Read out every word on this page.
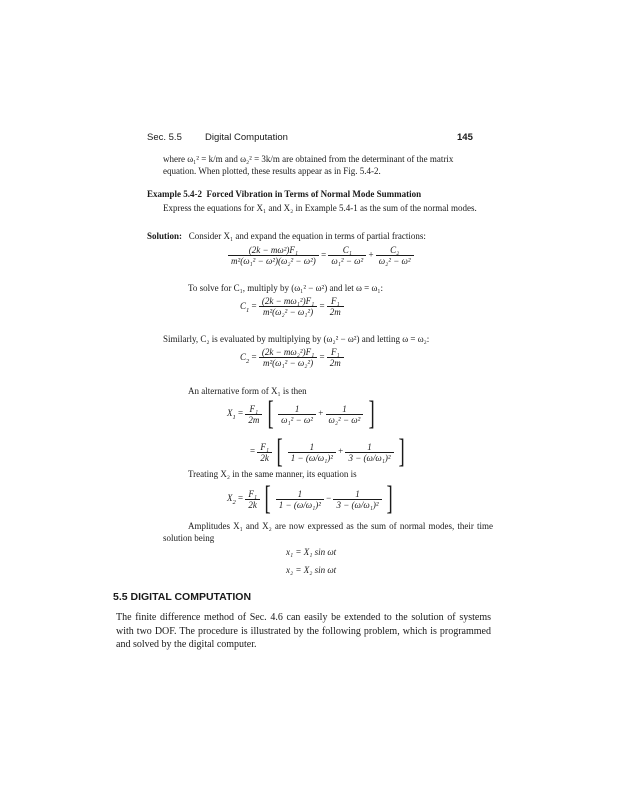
Sec. 5.5 Digital Computation	145
where ω₁² = k/m and ω₂² = 3k/m are obtained from the determinant of the matrix
equation. When plotted, these results appear as in Fig. 5.4-2.
Example 5.4-2 Forced Vibration in Terms of Normal Mode Summation
Express the equations for X₁ and X₂ in Example 5.4-1 as the sum of the normal modes.
Solution: Consider X₁ and expand the equation in terms of partial fractions:
$\frac{\text{(2k − mω²)F₁}}{\text{m²(ω₁² − ω²)(ω₂² − ω²)}} = \frac{\text{C₁}}{\text{ω₁² − ω²}} + \frac{\text{C₂}}{\text{ω₂² − ω²}}$
To solve for C₁, multiply by (ω₁² − ω²) and let ω = ω₁:
$C_1 = \frac{\text{(2k − mω₁²)F₁}}{\text{m²(ω₂² − ω₁²)}} = \frac{\text{F₁}}{2m}$
Similarly, C₂ is evaluated by multiplying by (ω₂² − ω²) and letting ω = ω₂:
$C_2 = \frac{\text{(2k − mω₂²)F₁}}{\text{m²(ω₁² − ω₂²)}} = \frac{\text{F₁}}{2m}$
An alternative form of X₁ is then
$X_1 = \frac{\text{F₁}}{2m}$ [ $\frac{1}{\text{ω₁² − ω²}} + \frac{1}{\text{ω₂² − ω²}}$ ]
= $\frac{\text{F₁}}{2k}$ [ $\frac{1}{\text{1 − (ω/ω₁)²}} + \frac{1}{\text{3 − (ω/ω₁)²}}$ ]
Treating X₂ in the same manner, its equation is
$X_2 = \frac{\text{F₁}}{2k}$ [ $\frac{1}{\text{1 − (ω/ω₁)²}} - \frac{1}{\text{3 − (ω/ω₁)²}}$ ]
Amplitudes X₁ and X₂ are now expressed as the sum of normal modes, their time solution being
x₁ = X₁ sin ωt
x₂ = X₂ sin ωt
5.5 DIGITAL COMPUTATION
The finite difference method of Sec. 4.6 can easily be extended to the solution of systems with two DOF. The procedure is illustrated by the following problem, which is programmed and solved by the digital computer.
